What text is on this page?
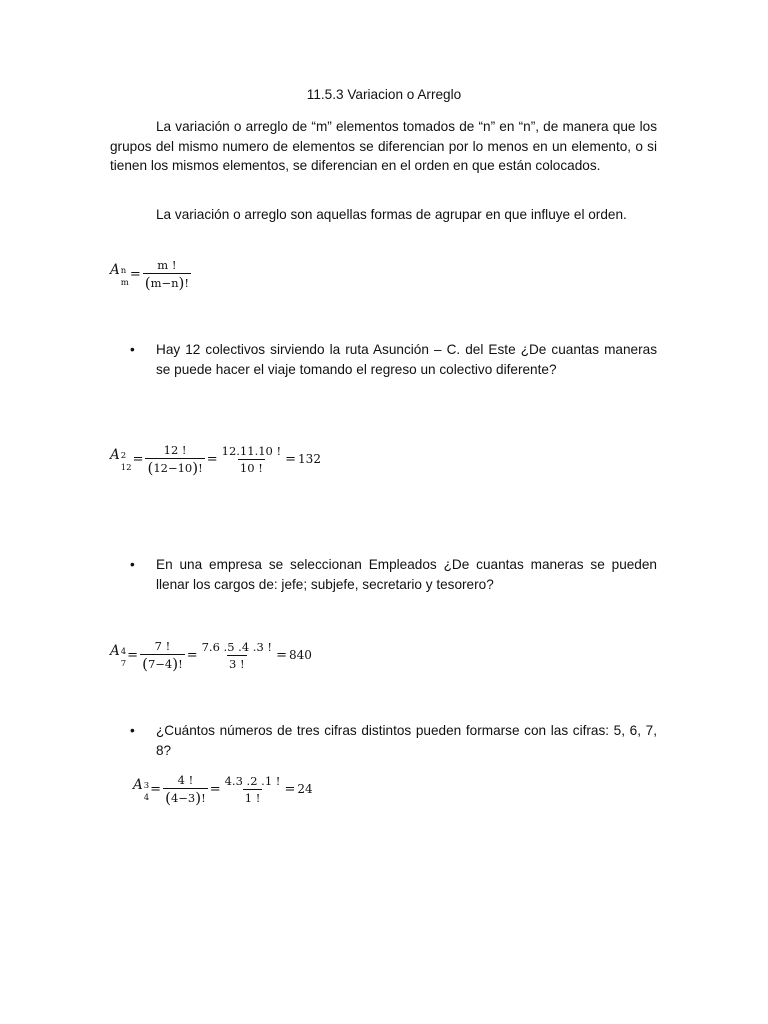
11.5.3 Variacion o Arreglo

La variación o arreglo de “m” elementos tomados de “n” en “n”, de manera que los grupos del mismo numero de elementos se diferencian por lo menos en un elemento, o si tienen los mismos elementos, se diferencian en el orden en que están colocados.

La variación o arreglo son aquellas formas de agrupar en que influye el orden.

A n
m
= $\frac{m !}{(m-n)!}$
•	Hay 12 colectivos sirviendo la ruta Asunción – C. del Este ¿De cuantas maneras se puede hacer el viaje tomando el regreso un colectivo diferente?

A 2
12
= $\frac{12 !}{(12-10)!} = \frac{12.11.10 !}{10 !} = 132$
•	En una empresa se seleccionan Empleados ¿De cuantas maneras se pueden llenar los cargos de: jefe; subjefe, secretario y tesorero?

A 4
7
= $\frac{7 !}{(7-4)!} = \frac{7.6 .5 .4 .3 !}{3 !} = 840$
•	¿Cuántos números de tres cifras distintos pueden formarse con las cifras: 5, 6, 7, 8?

A 3
4
= $\frac{4 !}{(4-3)!} = \frac{4.3 .2 .1 !}{1 !} = 24$
